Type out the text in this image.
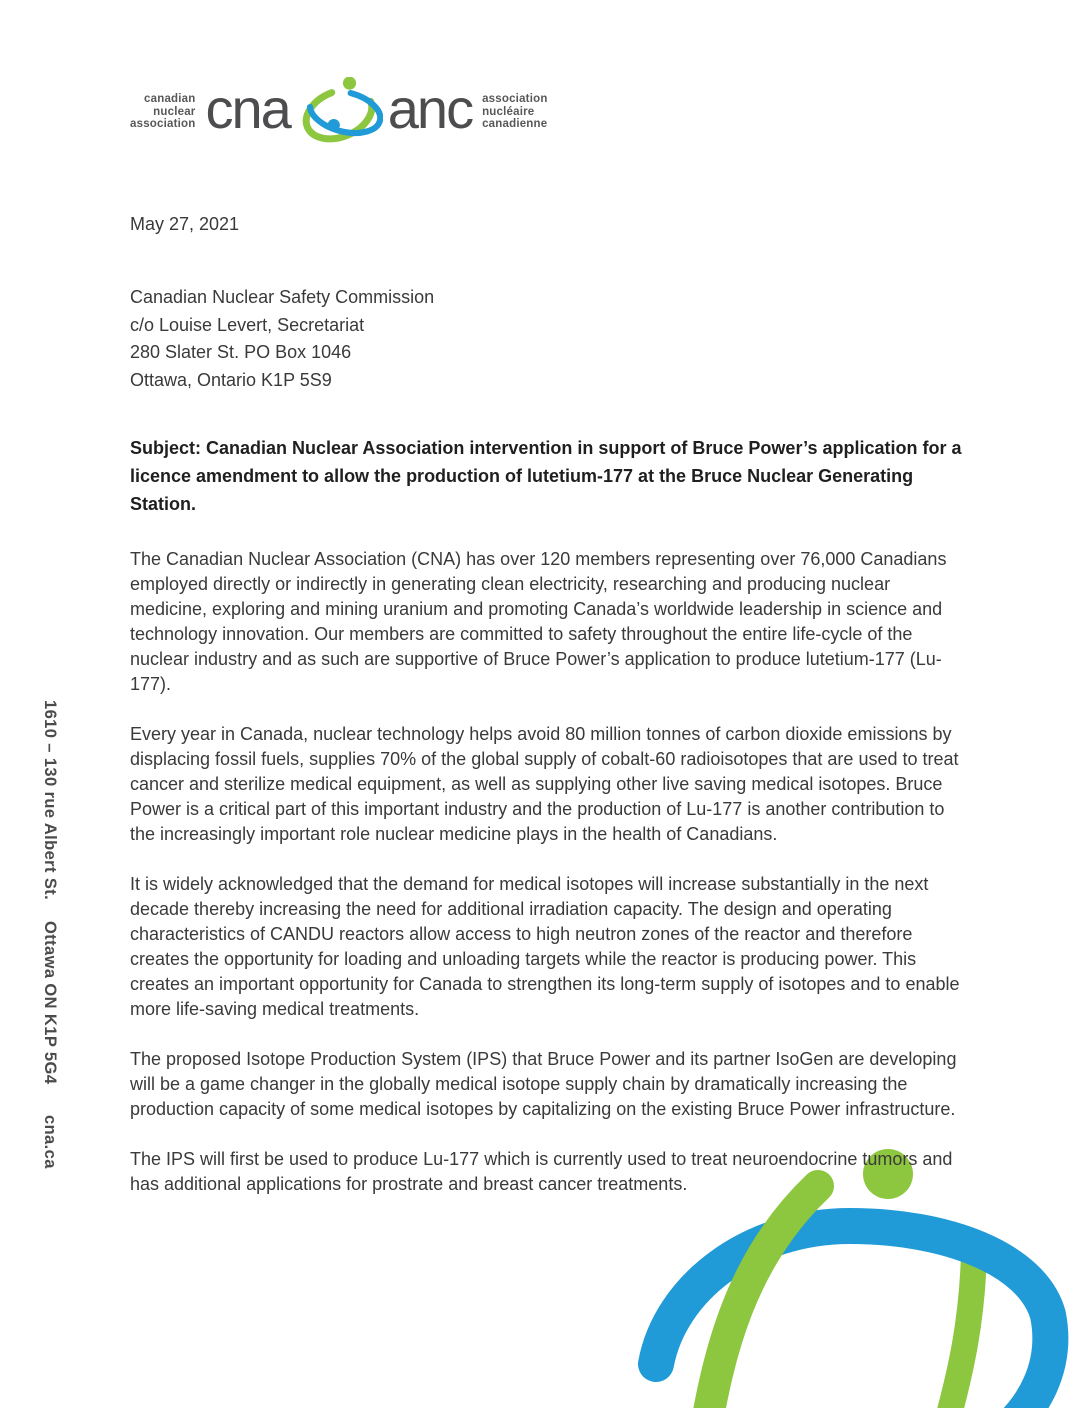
canadian
nuclear
association cna anc association
nucléaire
canadienne
1610 – 130 rue Albert St. Ottawa ON K1P 5G4 cna.ca
May 27, 2021
Canadian Nuclear Safety Commission
c/o Louise Levert, Secretariat
280 Slater St. PO Box 1046
Ottawa, Ontario K1P 5S9

Subject: Canadian Nuclear Association intervention in support of Bruce Power’s application for a licence amendment to allow the production of lutetium-177 at the Bruce Nuclear Generating Station.

The Canadian Nuclear Association (CNA) has over 120 members representing over 76,000 Canadians employed directly or indirectly in generating clean electricity, researching and producing nuclear medicine, exploring and mining uranium and promoting Canada’s worldwide leadership in science and technology innovation. Our members are committed to safety throughout the entire life-cycle of the nuclear industry and as such are supportive of Bruce Power’s application to produce lutetium-177 (Lu-177).

Every year in Canada, nuclear technology helps avoid 80 million tonnes of carbon dioxide emissions by displacing fossil fuels, supplies 70% of the global supply of cobalt-60 radioisotopes that are used to treat cancer and sterilize medical equipment, as well as supplying other live saving medical isotopes. Bruce Power is a critical part of this important industry and the production of Lu-177 is another contribution to the increasingly important role nuclear medicine plays in the health of Canadians.

It is widely acknowledged that the demand for medical isotopes will increase substantially in the next decade thereby increasing the need for additional irradiation capacity. The design and operating characteristics of CANDU reactors allow access to high neutron zones of the reactor and therefore creates the opportunity for loading and unloading targets while the reactor is producing power. This creates an important opportunity for Canada to strengthen its long-term supply of isotopes and to enable more life-saving medical treatments.

The proposed Isotope Production System (IPS) that Bruce Power and its partner IsoGen are developing will be a game changer in the globally medical isotope supply chain by dramatically increasing the production capacity of some medical isotopes by capitalizing on the existing Bruce Power infrastructure.

The IPS will first be used to produce Lu-177 which is currently used to treat neuroendocrine tumors and has additional applications for prostrate and breast cancer treatments.
